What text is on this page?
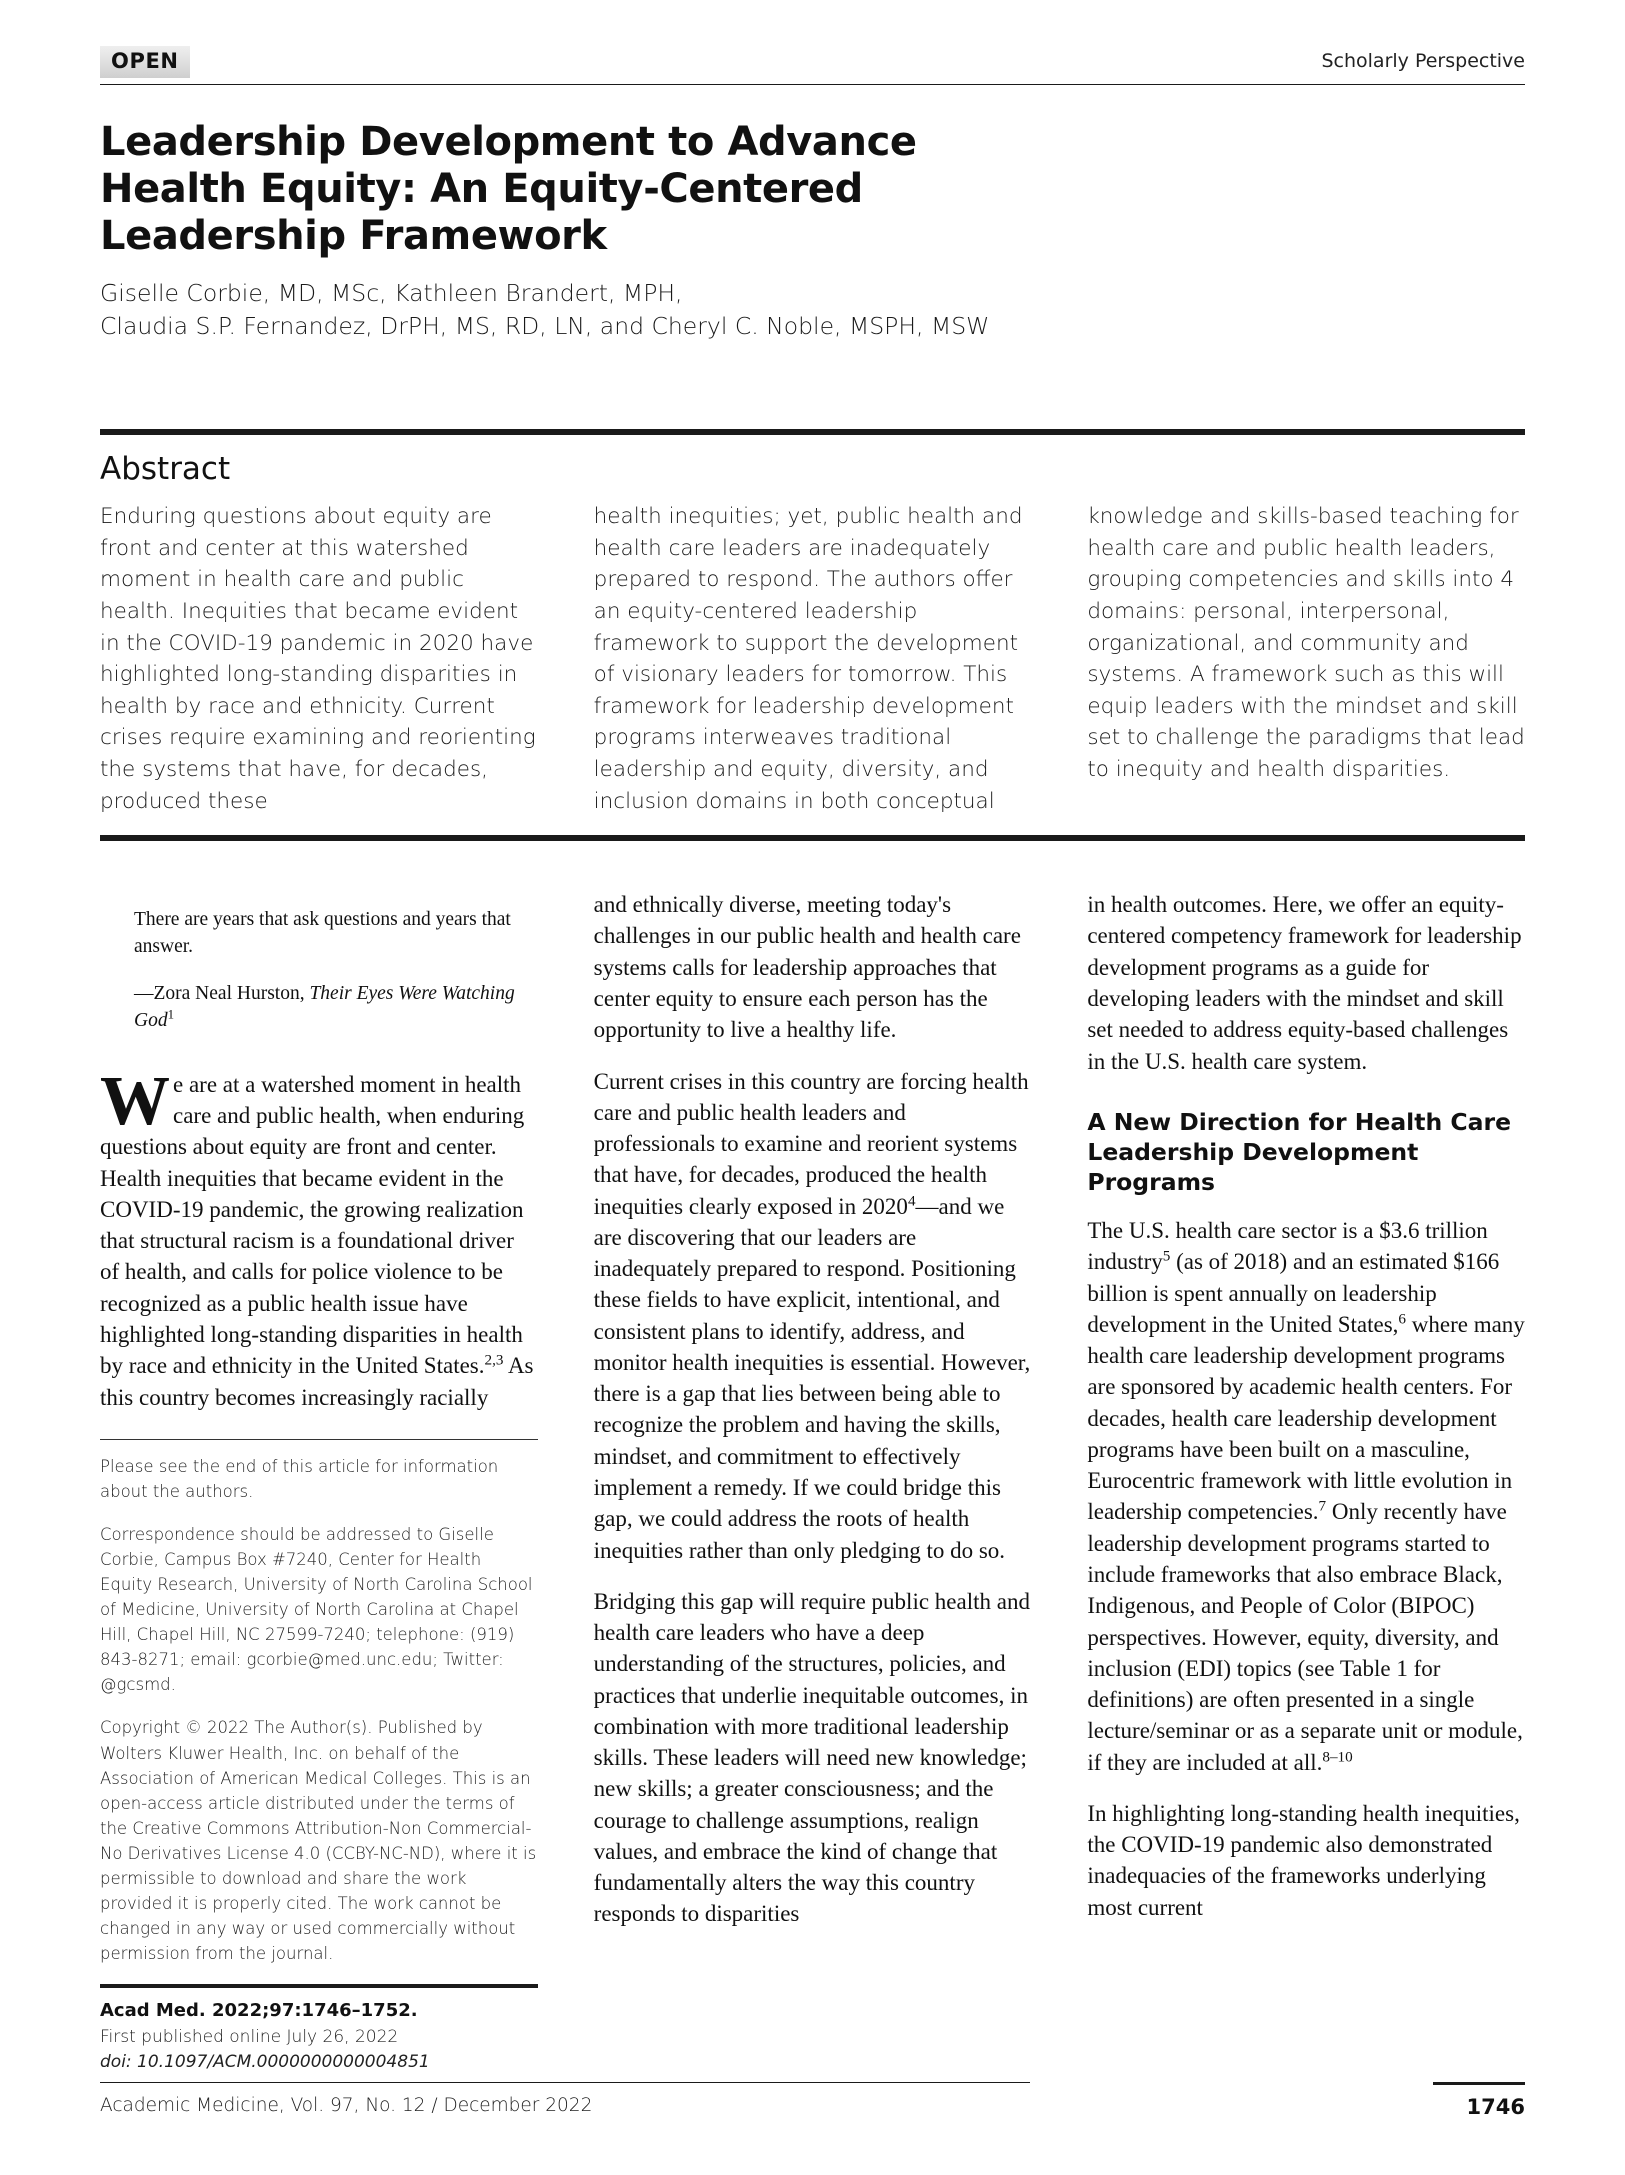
OPEN	Scholarly Perspective
Leadership Development to Advance Health Equity: An Equity-Centered Leadership Framework
Giselle Corbie, MD, MSc, Kathleen Brandert, MPH,
Claudia S.P. Fernandez, DrPH, MS, RD, LN, and Cheryl C. Noble, MSPH, MSW
Abstract

Enduring questions about equity are front and center at this watershed moment in health care and public health. Inequities that became evident in the COVID-19 pandemic in 2020 have highlighted long-standing disparities in health by race and ethnicity. Current crises require examining and reorienting the systems that have, for decades, produced these

health inequities; yet, public health and health care leaders are inadequately prepared to respond. The authors offer an equity-centered leadership framework to support the development of visionary leaders for tomorrow. This framework for leadership development programs interweaves traditional leadership and equity, diversity, and inclusion domains in both conceptual

knowledge and skills-based teaching for health care and public health leaders, grouping competencies and skills into 4 domains: personal, interpersonal, organizational, and community and systems. A framework such as this will equip leaders with the mindset and skill set to challenge the paradigms that lead to inequity and health disparities.

There are years that ask questions and years that answer.
—Zora Neal Hurston, Their Eyes Were Watching God$^1$
We are at a watershed moment in health care and public health, when enduring questions about equity are front and center. Health inequities that became evident in the COVID-19 pandemic, the growing realization that structural racism is a foundational driver of health, and calls for police violence to be recognized as a public health issue have highlighted long-standing disparities in health by race and ethnicity in the United States.$^{2,3}$ As this country becomes increasingly racially

Please see the end of this article for information about the authors.

Correspondence should be addressed to Giselle Corbie, Campus Box #7240, Center for Health Equity Research, University of North Carolina School of Medicine, University of North Carolina at Chapel Hill, Chapel Hill, NC 27599-7240; telephone: (919) 843-8271; email: gcorbie@med.unc.edu; Twitter: @gcsmd.

Copyright © 2022 The Author(s). Published by Wolters Kluwer Health, Inc. on behalf of the Association of American Medical Colleges. This is an open-access article distributed under the terms of the Creative Commons Attribution-Non Commercial-No Derivatives License 4.0 (CCBY-NC-ND), where it is permissible to download and share the work provided it is properly cited. The work cannot be changed in any way or used commercially without permission from the journal.

Acad Med. 2022;97:1746–1752.
First published online July 26, 2022
doi: 10.1097/ACM.0000000000004851

and ethnically diverse, meeting today's challenges in our public health and health care systems calls for leadership approaches that center equity to ensure each person has the opportunity to live a healthy life.

Current crises in this country are forcing health care and public health leaders and professionals to examine and reorient systems that have, for decades, produced the health inequities clearly exposed in 2020$^4$—and we are discovering that our leaders are inadequately prepared to respond. Positioning these fields to have explicit, intentional, and consistent plans to identify, address, and monitor health inequities is essential. However, there is a gap that lies between being able to recognize the problem and having the skills, mindset, and commitment to effectively implement a remedy. If we could bridge this gap, we could address the roots of health inequities rather than only pledging to do so.

Bridging this gap will require public health and health care leaders who have a deep understanding of the structures, policies, and practices that underlie inequitable outcomes, in combination with more traditional leadership skills. These leaders will need new knowledge; new skills; a greater consciousness; and the courage to challenge assumptions, realign values, and embrace the kind of change that fundamentally alters the way this country responds to disparities

in health outcomes. Here, we offer an equity-centered competency framework for leadership development programs as a guide for developing leaders with the mindset and skill set needed to address equity-based challenges in the U.S. health care system.

A New Direction for Health Care Leadership Development Programs

The U.S. health care sector is a $3.6 trillion industry$^5$ (as of 2018) and an estimated $166 billion is spent annually on leadership development in the United States,$^6$ where many health care leadership development programs are sponsored by academic health centers. For decades, health care leadership development programs have been built on a masculine, Eurocentric framework with little evolution in leadership competencies.$^7$ Only recently have leadership development programs started to include frameworks that also embrace Black, Indigenous, and People of Color (BIPOC) perspectives. However, equity, diversity, and inclusion (EDI) topics (see Table 1 for definitions) are often presented in a single lecture/seminar or as a separate unit or module, if they are included at all.$^{8-10}$

In highlighting long-standing health inequities, the COVID-19 pandemic also demonstrated inadequacies of the frameworks underlying most current

Academic Medicine, Vol. 97, No. 12 / December 2022	1746
